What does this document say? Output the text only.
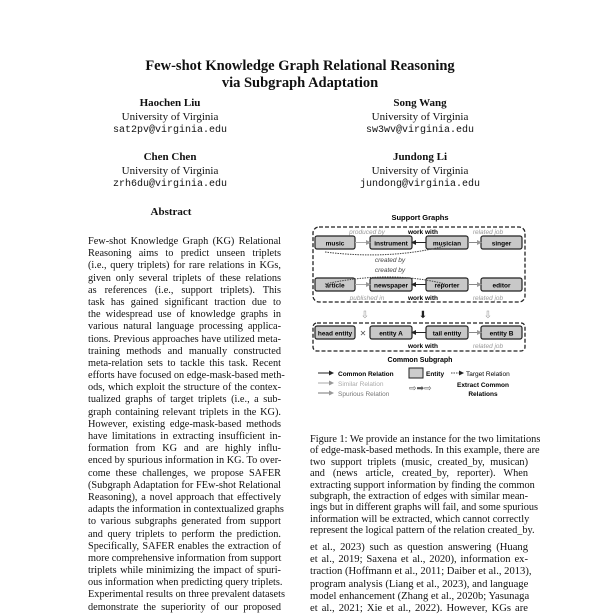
Few-shot Knowledge Graph Relational Reasoning
via Subgraph Adaptation
Haochen Liu
University of Virginia
sat2pv@virginia.edu
Song Wang
University of Virginia
sw3wv@virginia.edu
Chen Chen
University of Virginia
zrh6du@virginia.edu
Jundong Li
University of Virginia
jundong@virginia.edu
Abstract
Few-shot Knowledge Graph (KG) Relational
Reasoning aims to predict unseen triplets
(i.e., query triplets) for rare relations in KGs,
given only several triplets of these relations
as references (i.e., support triplets). This
task has gained significant traction due to
the widespread use of knowledge graphs in
various natural language processing applica-
tions. Previous approaches have utilized meta-
training methods and manually constructed
meta-relation sets to tackle this task. Recent
efforts have focused on edge-mask-based meth-
ods, which exploit the structure of the contex-
tualized graphs of target triplets (i.e., a sub-
graph containing relevant triplets in the KG).
However, existing edge-mask-based methods
have limitations in extracting insufficient in-
formation from KG and are highly influ-
enced by spurious information in KG. To over-
come these challenges, we propose SAFER
(Subgraph Adaptation for FEw-shot Relational
Reasoning), a novel approach that effectively
adapts the information in contextualized graphs
to various subgraphs generated from support
and query triplets to perform the prediction.
Specifically, SAFER enables the extraction of
more comprehensive information from support
triplets while minimizing the impact of spuri-
ous information when predicting query triplets.
Experimental results on three prevalent datasets
demonstrate the superiority of our proposed
Support Graphs
music	instrument	musician	singer
article	newspaper	reporter	editor
head entity	entity A	tail entity	entity B
produced by	work with	related job
created by
created by
published in	work with	related job
⇩	⬇	⇩
✕
work with	related job
Common Subgraph
Common Relation
Similar Relation
Spurious Relation
Entity	Target Relation
⇨➡⇨	Extract Common
Relations
Figure 1: We provide an instance for the two limitations
of edge-mask-based methods. In this example, there are
two support triplets (music, created_by, musican)
and (news article, created_by, reporter). When
extracting support information by finding the common
subgraph, the extraction of edges with similar mean-
ings but in different graphs will fail, and some spurious
information will be extracted, which cannot correctly
represent the logical pattern of the relation created_by.
et al., 2023) such as question answering (Huang
et al., 2019; Saxena et al., 2020), information ex-
traction (Hoffmann et al., 2011; Daiber et al., 2013),
program analysis (Liang et al., 2023), and language
model enhancement (Zhang et al., 2020b; Yasunaga
et al., 2021; Xie et al., 2022). However, KGs are
